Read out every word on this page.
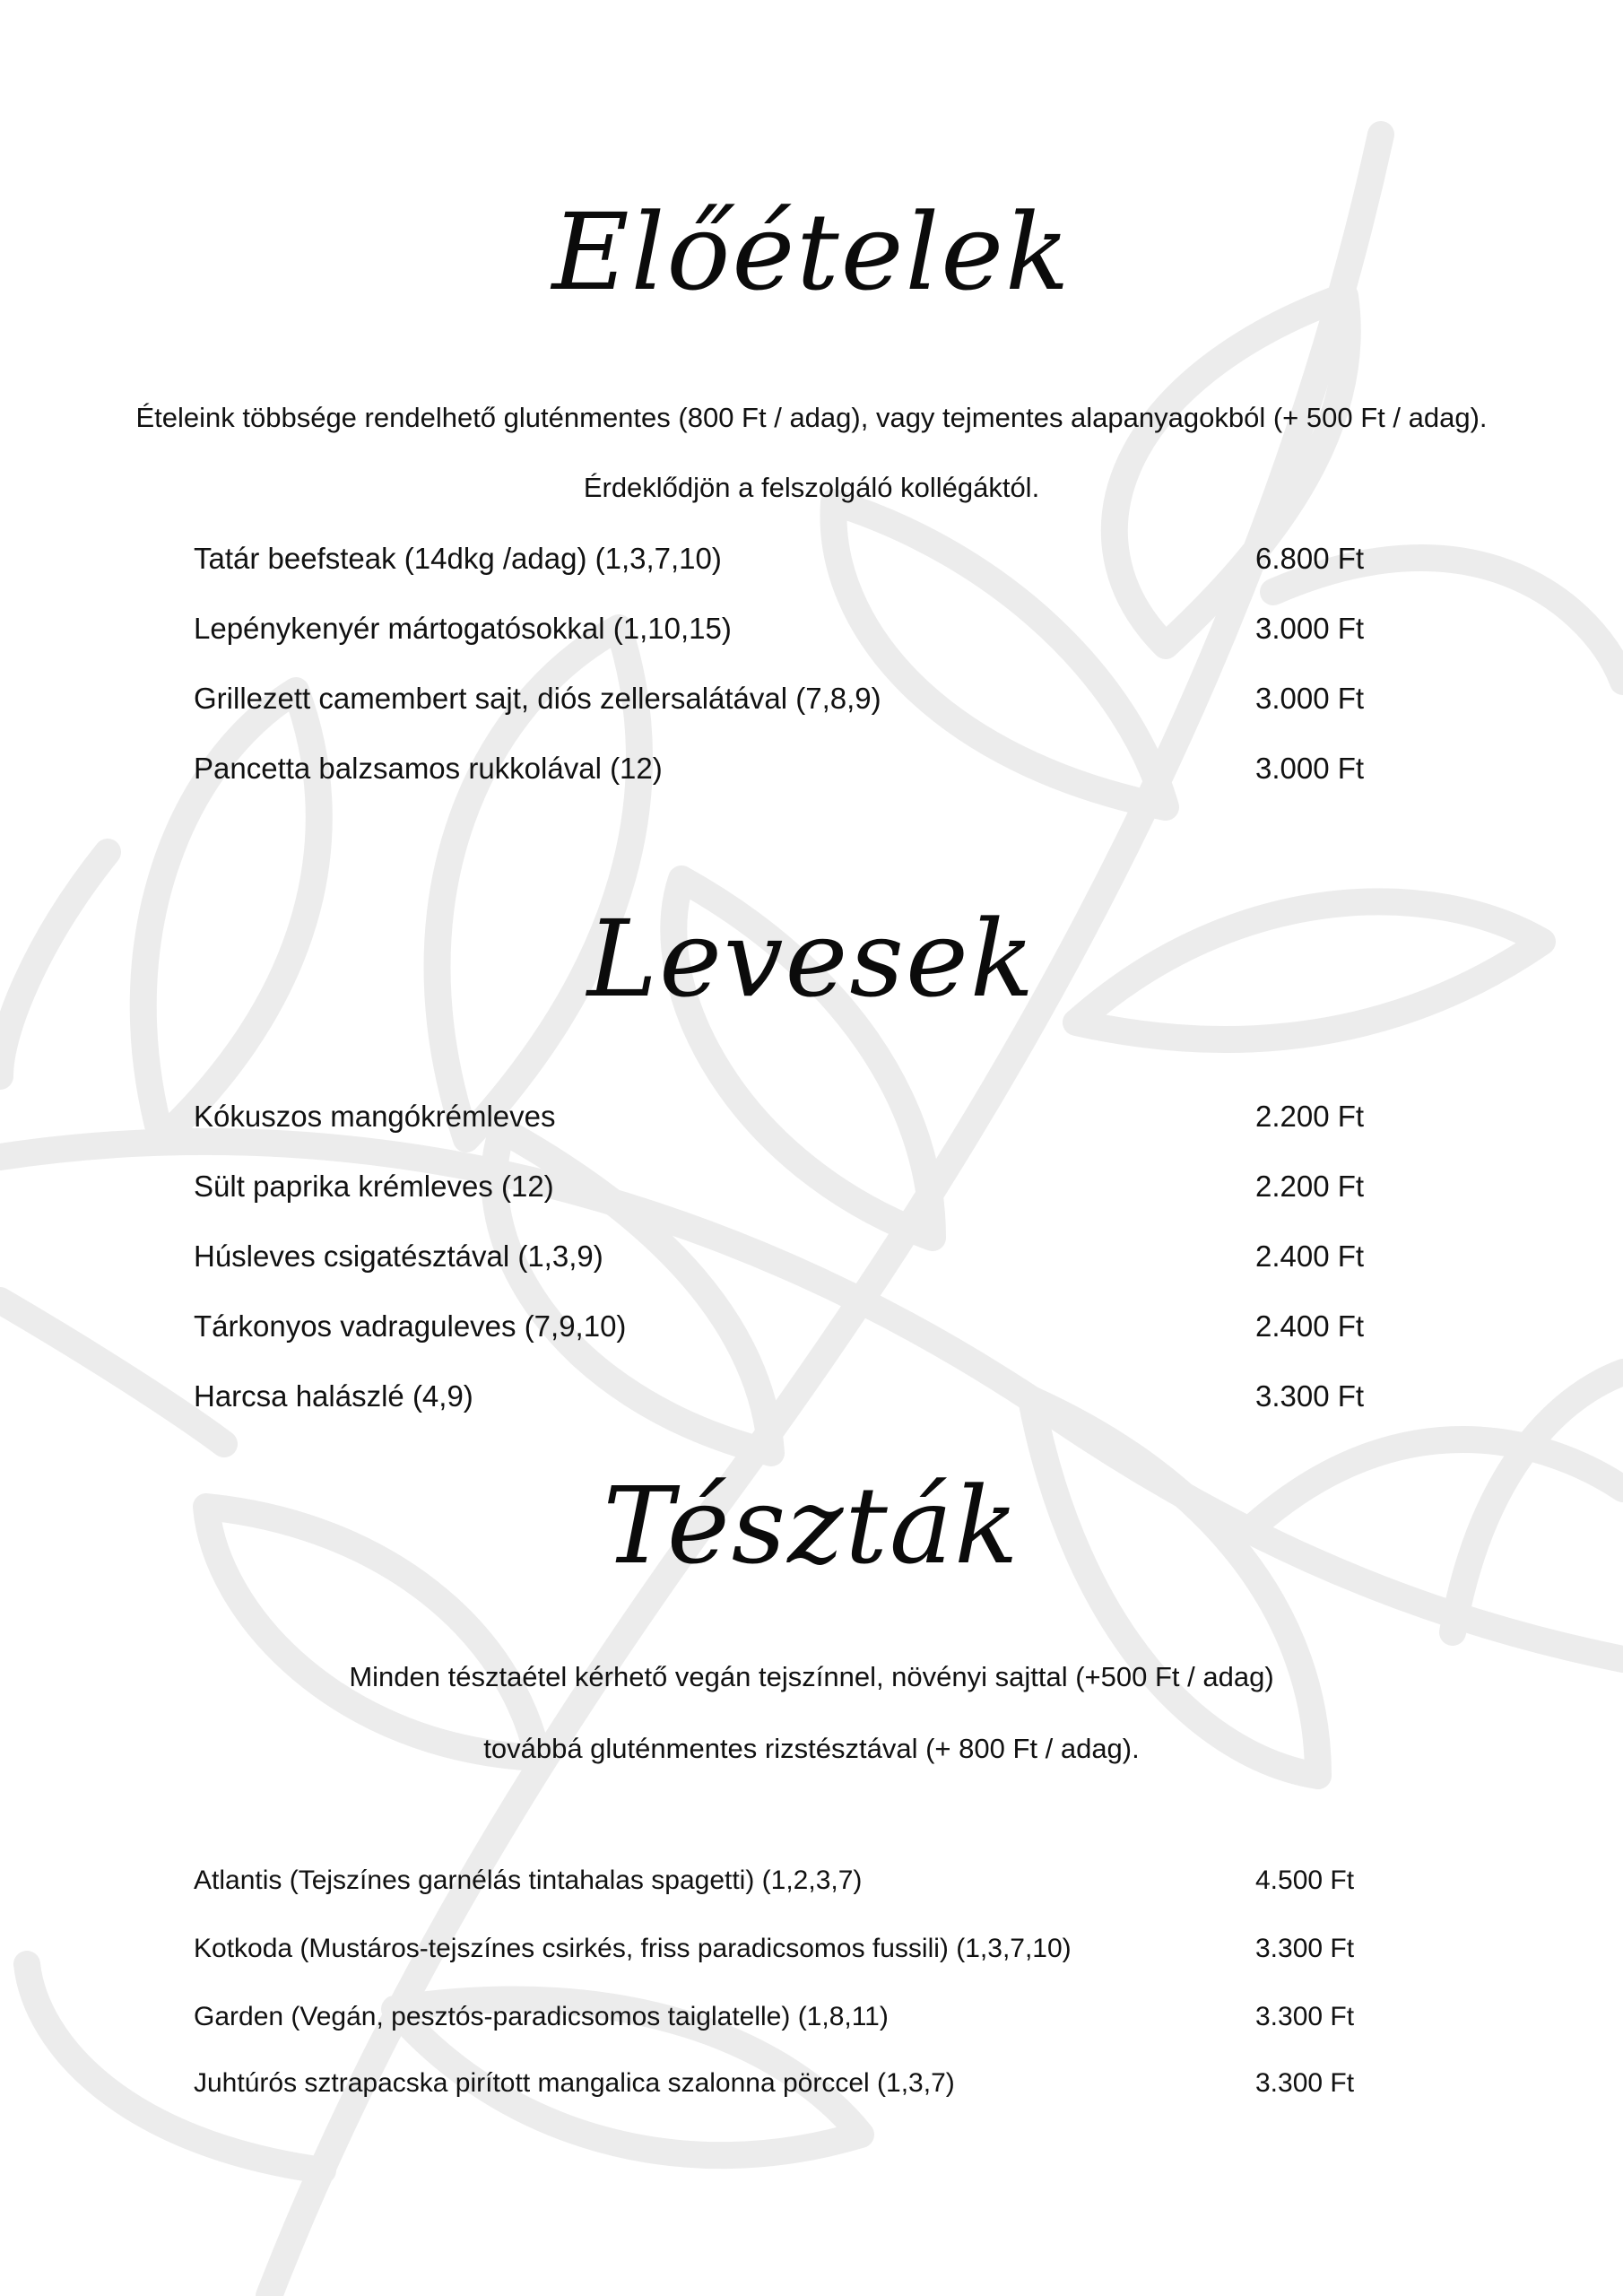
Előételek
Ételeink többsége rendelhető gluténmentes (800 Ft / adag), vagy tejmentes alapanyagokból (+ 500 Ft / adag).
Érdeklődjön a felszolgáló kollégáktól.
Tatár beefsteak (14dkg /adag) (1,3,7,10)	6.800 Ft
Lepénykenyér mártogatósokkal (1,10,15)	3.000 Ft
Grillezett camembert sajt, diós zellersalátával (7,8,9)	3.000 Ft
Pancetta balzsamos rukkolával (12)	3.000 Ft
Levesek
Kókuszos mangókrémleves	2.200 Ft
Sült paprika krémleves (12)	2.200 Ft
Húsleves csigatésztával (1,3,9)	2.400 Ft
Tárkonyos vadraguleves (7,9,10)	2.400 Ft
Harcsa halászlé (4,9)	3.300 Ft
Tészták
Minden tésztaétel kérhető vegán tejszínnel, növényi sajttal (+500 Ft / adag)
továbbá gluténmentes rizstésztával (+ 800 Ft / adag).
Atlantis (Tejszínes garnélás tintahalas spagetti) (1,2,3,7)	4.500 Ft
Kotkoda (Mustáros-tejszínes csirkés, friss paradicsomos fussili) (1,3,7,10)	3.300 Ft
Garden (Vegán, pesztós-paradicsomos taiglatelle) (1,8,11)	3.300 Ft
Juhtúrós sztrapacska pirított mangalica szalonna pörccel (1,3,7)	3.300 Ft
